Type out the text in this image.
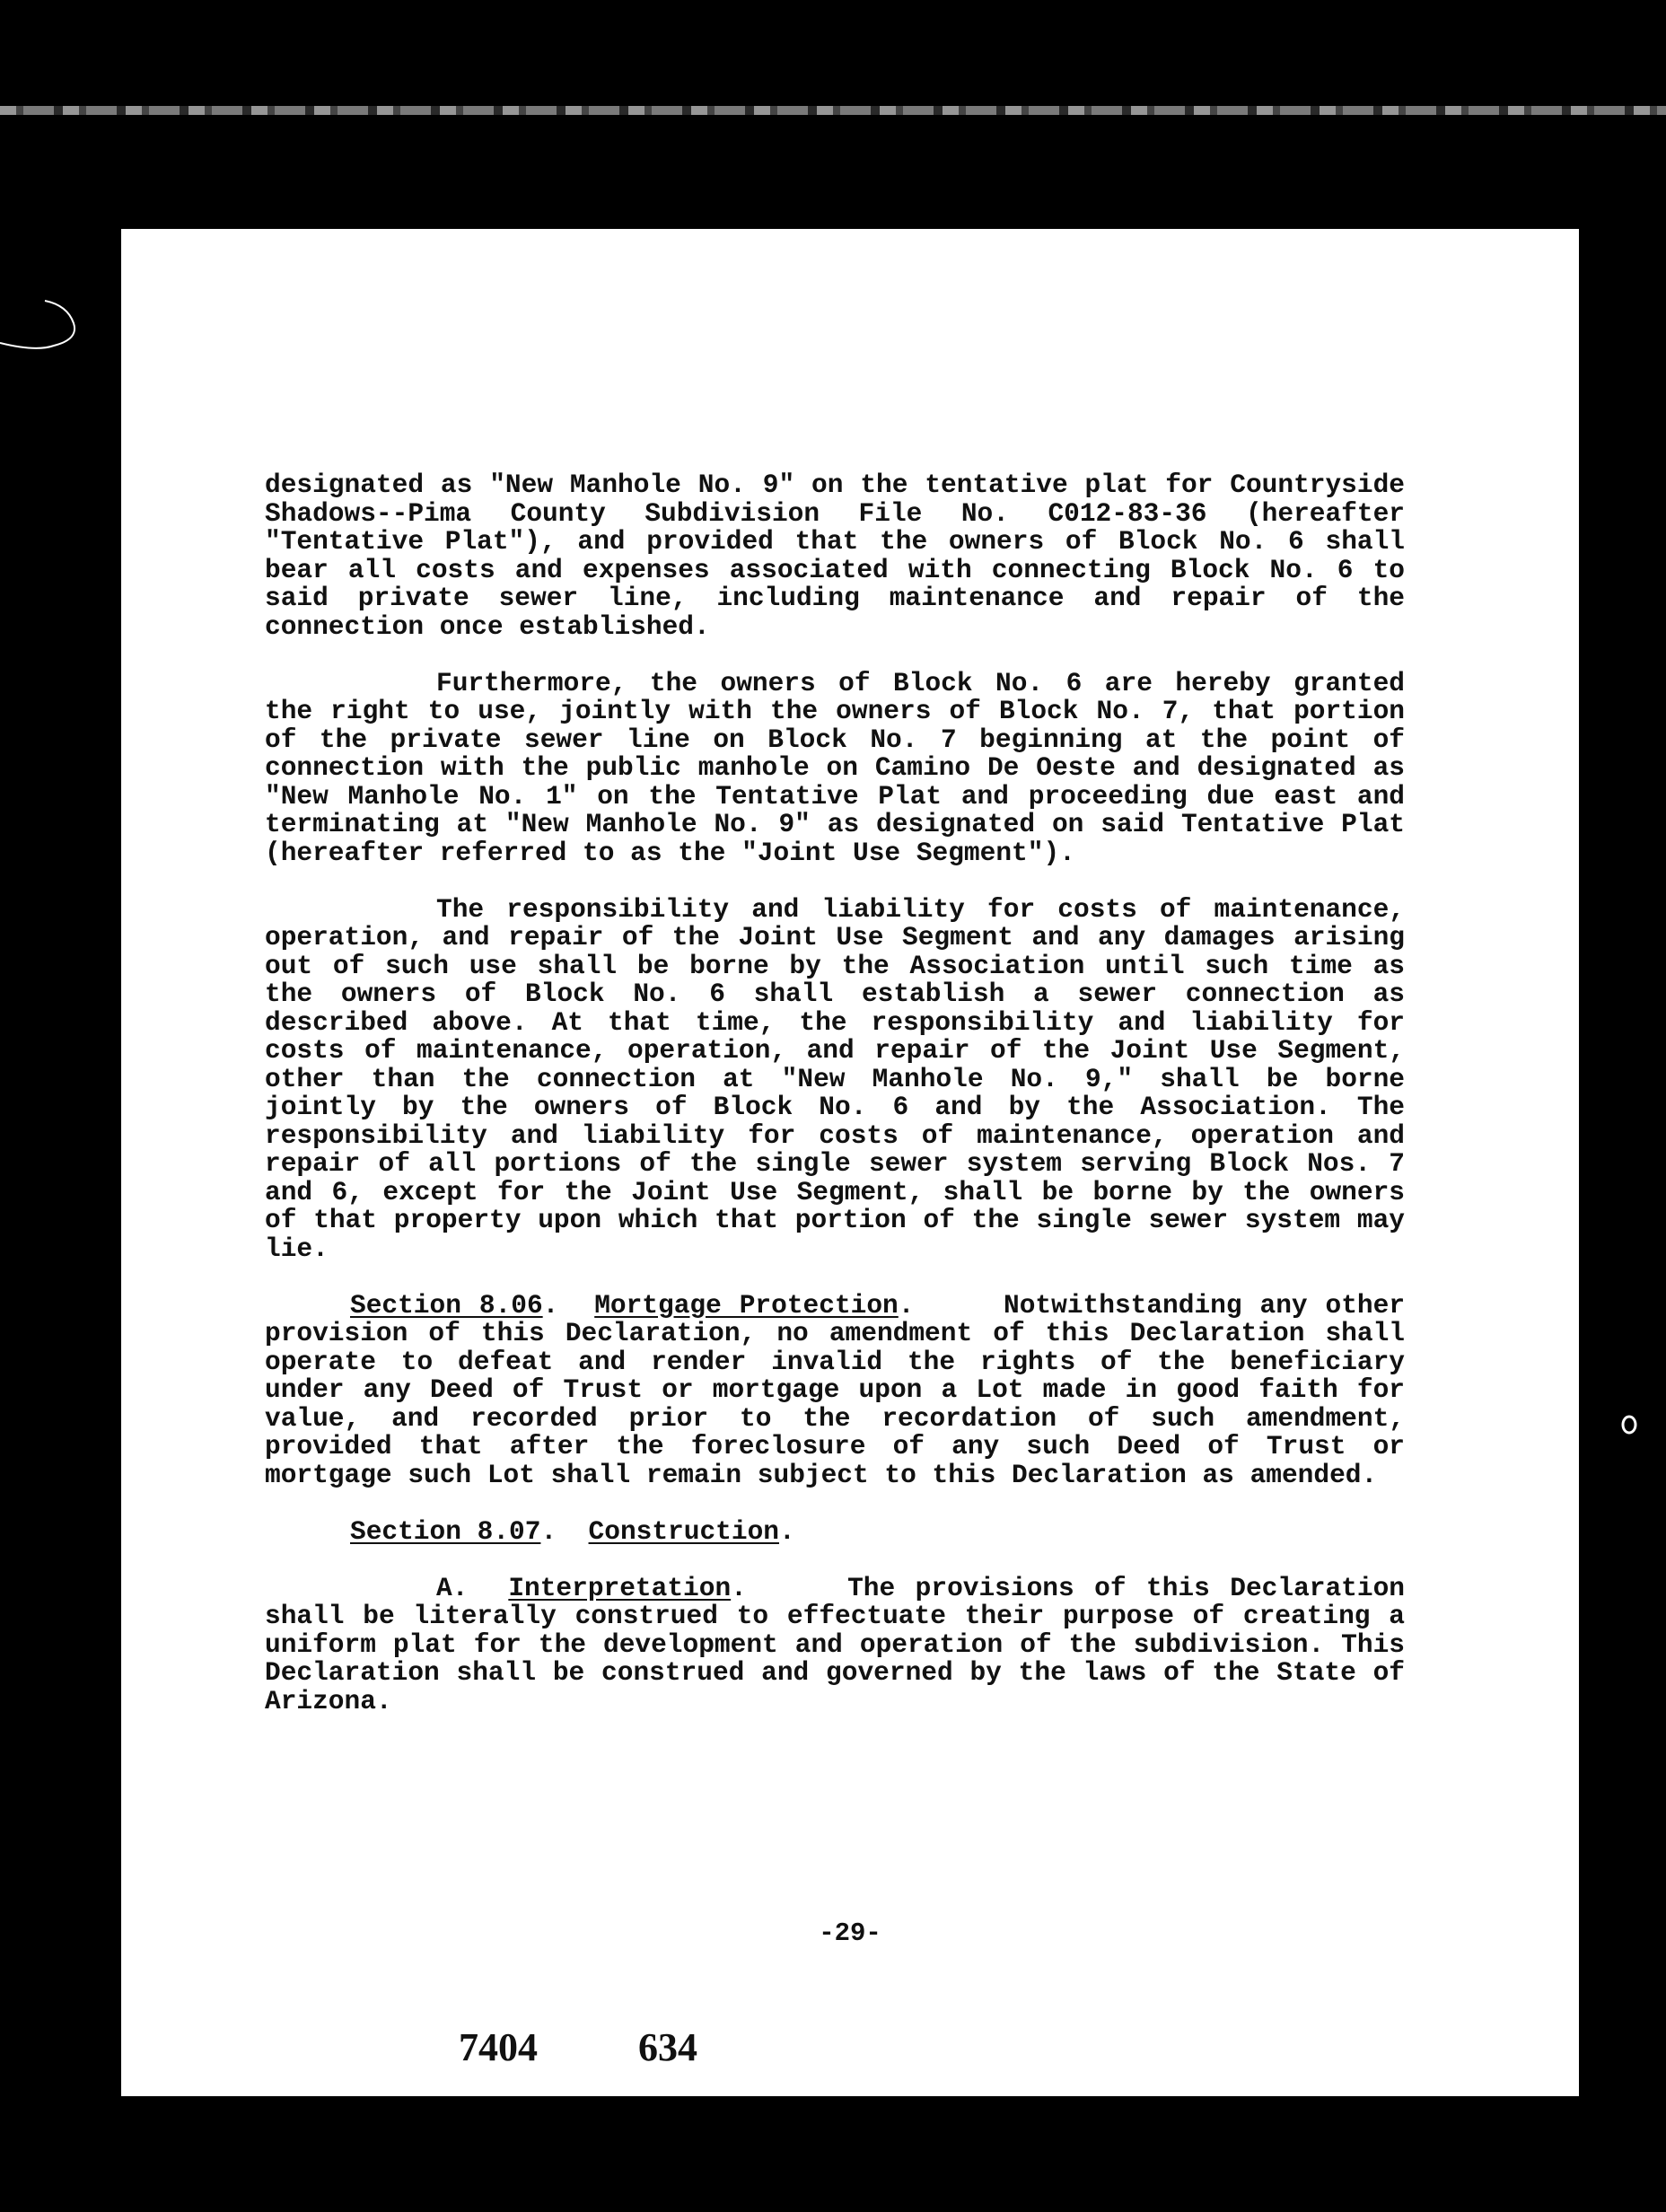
designated as "New Manhole No. 9" on the tentative plat for Countryside Shadows--Pima County Subdivision File No. C012-83-36 (hereafter "Tentative Plat"), and provided that the owners of Block No. 6 shall bear all costs and expenses associated with connecting Block No. 6 to said private sewer line, including maintenance and repair of the connection once established.

Furthermore, the owners of Block No. 6 are hereby granted the right to use, jointly with the owners of Block No. 7, that portion of the private sewer line on Block No. 7 beginning at the point of connection with the public manhole on Camino De Oeste and designated as "New Manhole No. 1" on the Tentative Plat and proceeding due east and terminating at "New Manhole No. 9" as designated on said Tentative Plat (hereafter referred to as the "Joint Use Segment").

The responsibility and liability for costs of maintenance, operation, and repair of the Joint Use Segment and any damages arising out of such use shall be borne by the Association until such time as the owners of Block No. 6 shall establish a sewer connection as described above. At that time, the responsibility and liability for costs of maintenance, operation, and repair of the Joint Use Segment, other than the connection at "New Manhole No. 9," shall be borne jointly by the owners of Block No. 6 and by the Association. The responsibility and liability for costs of maintenance, operation and repair of all portions of the single sewer system serving Block Nos. 7 and 6, except for the Joint Use Segment, shall be borne by the owners of that property upon which that portion of the single sewer system may lie.

Section 8.06.  Mortgage Protection.     Notwithstanding any other provision of this Declaration, no amendment of this Declaration shall operate to defeat and render invalid the rights of the beneficiary under any Deed of Trust or mortgage upon a Lot made in good faith for value, and recorded prior to the recordation of such amendment, provided that after the foreclosure of any such Deed of Trust or mortgage such Lot shall remain subject to this Declaration as amended.

Section 8.07.  Construction.

A. Interpretation.     The provisions of this Declaration shall be literally construed to effectuate their purpose of creating a uniform plat for the development and operation of the subdivision. This Declaration shall be construed and governed by the laws of the State of Arizona.

-29-
7404	634
